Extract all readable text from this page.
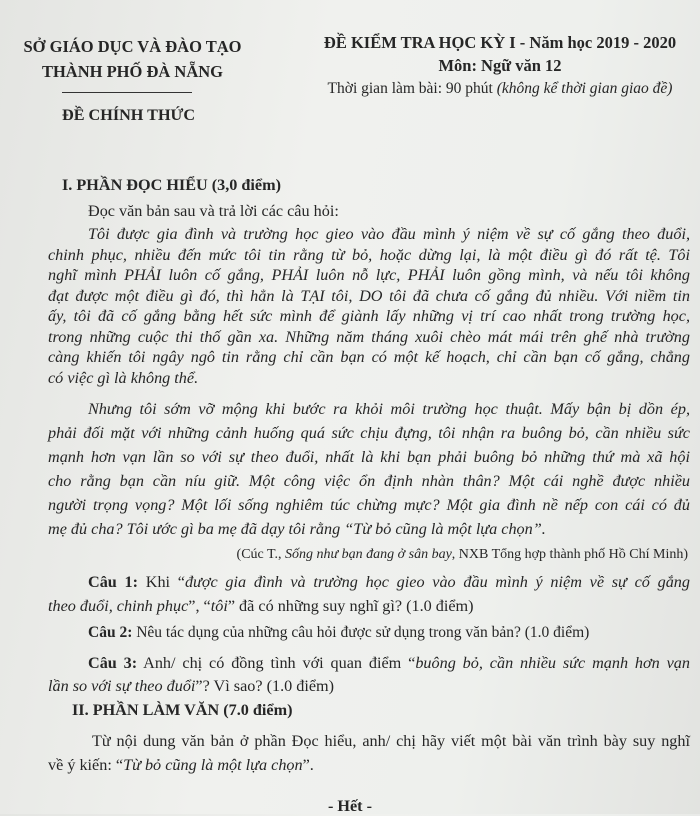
SỞ GIÁO DỤC VÀ ĐÀO TẠO
THÀNH PHỐ ĐÀ NẴNG
ĐỀ KIỂM TRA HỌC KỲ I - Năm học 2019 - 2020
Môn: Ngữ văn 12
Thời gian làm bài: 90 phút (không kể thời gian giao đề)
ĐỀ CHÍNH THỨC
I. PHẦN ĐỌC HIỂU (3,0 điểm)
Đọc văn bản sau và trả lời các câu hỏi:
Tôi được gia đình và trường học gieo vào đầu mình ý niệm về sự cố gắng theo đuổi,
chinh phục, nhiều đến mức tôi tin rằng từ bỏ, hoặc dừng lại, là một điều gì đó rất tệ. Tôi
nghĩ mình PHẢI luôn cố gắng, PHẢI luôn nỗ lực, PHẢI luôn gồng mình, và nếu tôi không
đạt được một điều gì đó, thì hẳn là TẠI tôi, DO tôi đã chưa cố gắng đủ nhiều. Với niềm tin
ấy, tôi đã cố gắng bằng hết sức mình để giành lấy những vị trí cao nhất trong trường học,
trong những cuộc thi thố gần xa. Những năm tháng xuôi chèo mát mái trên ghế nhà trường
càng khiến tôi ngây ngô tin rằng chỉ cần bạn có một kế hoạch, chỉ cần bạn cố gắng, chẳng
có việc gì là không thể.
Nhưng tôi sớm vỡ mộng khi bước ra khỏi môi trường học thuật. Mấy bận bị dồn ép,
phải đối mặt với những cảnh huống quá sức chịu đựng, tôi nhận ra buông bỏ, cần nhiều sức
mạnh hơn vạn lần so với sự theo đuổi, nhất là khi bạn phải buông bỏ những thứ mà xã hội
cho rằng bạn cần níu giữ. Một công việc ổn định nhàn thân? Một cái nghề được nhiều
người trọng vọng? Một lối sống nghiêm túc chừng mực? Một gia đình nề nếp con cái có đủ
mẹ đủ cha? Tôi ước gì ba mẹ đã dạy tôi rằng “Từ bỏ cũng là một lựa chọn”.
(Cúc T., Sống như bạn đang ở sân bay, NXB Tổng hợp thành phố Hồ Chí Minh)
Câu 1: Khi “được gia đình và trường học gieo vào đầu mình ý niệm về sự cố gắng
theo đuổi, chinh phục”, “tôi” đã có những suy nghĩ gì? (1.0 điểm)
Câu 2: Nêu tác dụng của những câu hỏi được sử dụng trong văn bản? (1.0 điểm)
Câu 3: Anh/ chị có đồng tình với quan điểm “buông bỏ, cần nhiều sức mạnh hơn vạn
lần so với sự theo đuổi”? Vì sao? (1.0 điểm)
II. PHẦN LÀM VĂN (7.0 điểm)
Từ nội dung văn bản ở phần Đọc hiểu, anh/ chị hãy viết một bài văn trình bày suy nghĩ
về ý kiến: “Từ bỏ cũng là một lựa chọn”.
- Hết -
